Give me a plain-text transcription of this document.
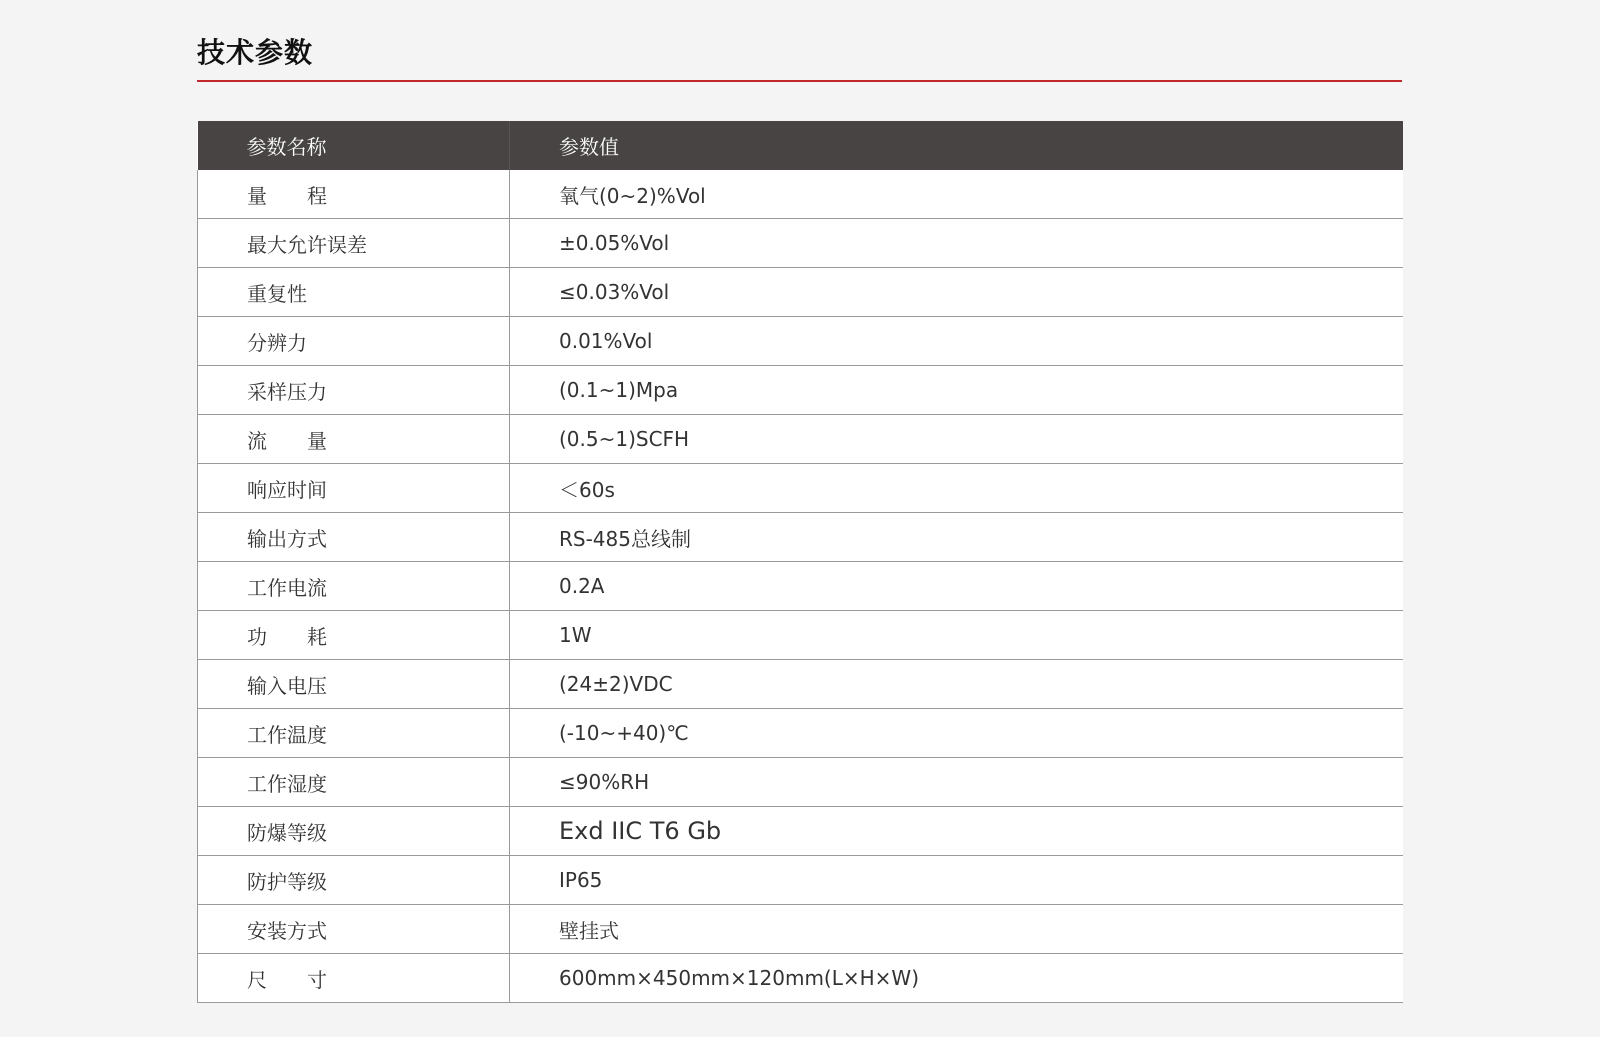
技术参数
参数名称	参数值
量　　程	氧气(0~2)%Vol
最大允许误差	±0.05%Vol
重复性	≤0.03%Vol
分辨力	0.01%Vol
采样压力	(0.1~1)Mpa
流　　量	(0.5~1)SCFH
响应时间	＜60s
输出方式	RS-485总线制
工作电流	0.2A
功　　耗	1W
输入电压	(24±2)VDC
工作温度	(-10~+40)℃
工作湿度	≤90%RH
防爆等级	Exd IIC T6 Gb
防护等级	IP65
安装方式	壁挂式
尺　　寸	600mm×450mm×120mm(L×H×W)
